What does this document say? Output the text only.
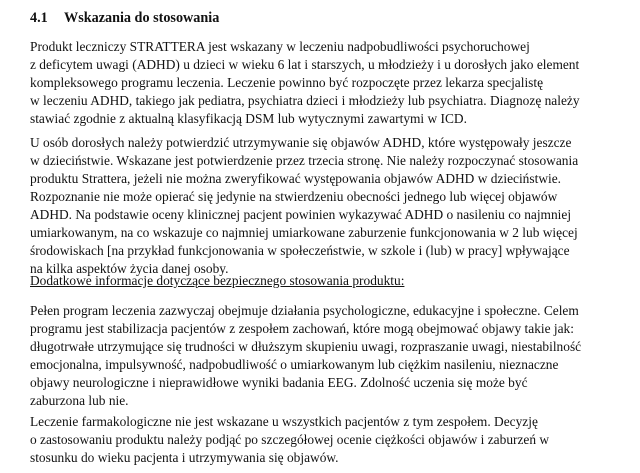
4.1 Wskazania do stosowania
Produkt leczniczy STRATTERA jest wskazany w leczeniu nadpobudliwości psychoruchowej
z deficytem uwagi (ADHD) u dzieci w wieku 6 lat i starszych, u młodzieży i u dorosłych jako element
kompleksowego programu leczenia. Leczenie powinno być rozpoczęte przez lekarza specjalistę
w leczeniu ADHD, takiego jak pediatra, psychiatra dzieci i młodzieży lub psychiatra. Diagnozę należy
stawiać zgodnie z aktualną klasyfikacją DSM lub wytycznymi zawartymi w ICD.
U osób dorosłych należy potwierdzić utrzymywanie się objawów ADHD, które występowały jeszcze
w dzieciństwie. Wskazane jest potwierdzenie przez trzecia stronę. Nie należy rozpoczynać stosowania
produktu Strattera, jeżeli nie można zweryfikować występowania objawów ADHD w dzieciństwie.
Rozpoznanie nie może opierać się jedynie na stwierdzeniu obecności jednego lub więcej objawów
ADHD. Na podstawie oceny klinicznej pacjent powinien wykazywać ADHD o nasileniu co najmniej
umiarkowanym, na co wskazuje co najmniej umiarkowane zaburzenie funkcjonowania w 2 lub więcej
środowiskach [na przykład funkcjonowania w społeczeństwie, w szkole i (lub) w pracy] wpływające
na kilka aspektów życia danej osoby.
Dodatkowe informacje dotyczące bezpiecznego stosowania produktu:
Pełen program leczenia zazwyczaj obejmuje działania psychologiczne, edukacyjne i społeczne. Celem
programu jest stabilizacja pacjentów z zespołem zachowań, które mogą obejmować objawy takie jak:
długotrwałe utrzymujące się trudności w dłuższym skupieniu uwagi, rozpraszanie uwagi, niestabilność
emocjonalna, impulsywność, nadpobudliwość o umiarkowanym lub ciężkim nasileniu, nieznaczne
objawy neurologiczne i nieprawidłowe wyniki badania EEG. Zdolność uczenia się może być
zaburzona lub nie.
Leczenie farmakologiczne nie jest wskazane u wszystkich pacjentów z tym zespołem. Decyzję
o zastosowaniu produktu należy podjąć po szczegółowej ocenie ciężkości objawów i zaburzeń w
stosunku do wieku pacjenta i utrzymywania się objawów.
